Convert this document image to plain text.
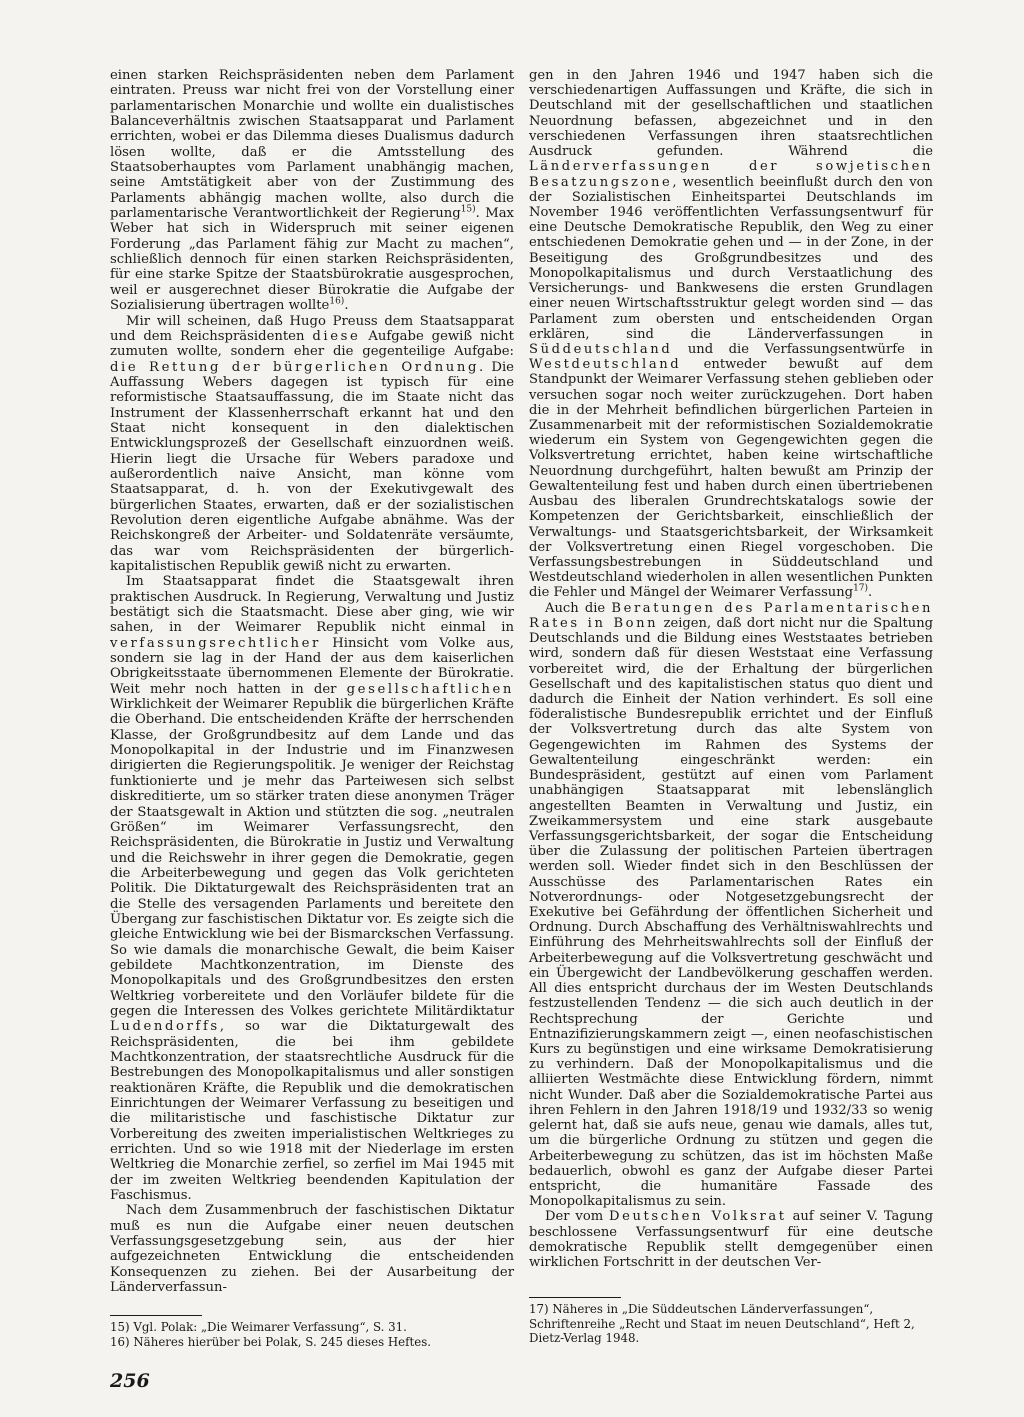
einen starken Reichspräsidenten neben dem Parlament eintraten. Preuss war nicht frei von der Vorstellung einer parlamentarischen Monarchie und wollte ein dualistisches Balanceverhältnis zwischen Staatsapparat und Parlament errichten, wobei er das Dilemma dieses Dualismus dadurch lösen wollte, daß er die Amtsstellung des Staatsoberhauptes vom Parlament unabhängig machen, seine Amtstätigkeit aber von der Zustimmung des Parlaments abhängig machen wollte, also durch die parlamentarische Verantwortlichkeit der Regierung$^{15)}$. Max Weber hat sich in Widerspruch mit seiner eigenen Forderung „das Parlament fähig zur Macht zu machen“, schließlich dennoch für einen starken Reichspräsidenten, für eine starke Spitze der Staatsbürokratie ausgesprochen, weil er ausgerechnet dieser Bürokratie die Aufgabe der Sozialisierung übertragen wollte$^{16)}$.

Mir will scheinen, daß Hugo Preuss dem Staatsapparat und dem Reichspräsidenten diese Aufgabe gewiß nicht zumuten wollte, sondern eher die gegenteilige Aufgabe: die Rettung der bürgerlichen Ordnung. Die Auffassung Webers dagegen ist typisch für eine reformistische Staatsauffassung, die im Staate nicht das Instrument der Klassenherrschaft erkannt hat und den Staat nicht konsequent in den dialektischen Entwicklungsprozeß der Gesellschaft einzuordnen weiß. Hierin liegt die Ursache für Webers paradoxe und außerordentlich naive Ansicht, man könne vom Staatsapparat, d. h. von der Exekutivgewalt des bürgerlichen Staates, erwarten, daß er der sozialistischen Revolution deren eigentliche Aufgabe abnähme. Was der Reichskongreß der Arbeiter- und Soldatenräte versäumte, das war vom Reichspräsidenten der bürgerlich-kapitalistischen Republik gewiß nicht zu erwarten.

Im Staatsapparat findet die Staatsgewalt ihren praktischen Ausdruck. In Regierung, Verwaltung und Justiz bestätigt sich die Staatsmacht. Diese aber ging, wie wir sahen, in der Weimarer Republik nicht einmal in verfassungsrechtlicher Hinsicht vom Volke aus, sondern sie lag in der Hand der aus dem kaiserlichen Obrigkeitsstaate übernommenen Elemente der Bürokratie. Weit mehr noch hatten in der gesellschaftlichen Wirklichkeit der Weimarer Republik die bürgerlichen Kräfte die Oberhand. Die entscheidenden Kräfte der herrschenden Klasse, der Großgrundbesitz auf dem Lande und das Monopolkapital in der Industrie und im Finanzwesen dirigierten die Regierungspolitik. Je weniger der Reichstag funktionierte und je mehr das Parteiwesen sich selbst diskreditierte, um so stärker traten diese anonymen Träger der Staatsgewalt in Aktion und stützten die sog. „neutralen Größen“ im Weimarer Verfassungsrecht, den Reichspräsidenten, die Bürokratie in Justiz und Verwaltung und die Reichswehr in ihrer gegen die Demokratie, gegen die Arbeiterbewegung und gegen das Volk gerichteten Politik. Die Diktaturgewalt des Reichspräsidenten trat an die Stelle des versagenden Parlaments und bereitete den Übergang zur faschistischen Diktatur vor. Es zeigte sich die gleiche Entwicklung wie bei der Bismarckschen Verfassung. So wie damals die monarchische Gewalt, die beim Kaiser gebildete Machtkonzentration, im Dienste des Monopolkapitals und des Großgrundbesitzes den ersten Weltkrieg vorbereitete und den Vorläufer bildete für die gegen die Interessen des Volkes gerichtete Militärdiktatur Ludendorffs, so war die Diktaturgewalt des Reichspräsidenten, die bei ihm gebildete Machtkonzentration, der staatsrechtliche Ausdruck für die Bestrebungen des Monopolkapitalismus und aller sonstigen reaktionären Kräfte, die Republik und die demokratischen Einrichtungen der Weimarer Verfassung zu beseitigen und die militaristische und faschistische Diktatur zur Vorbereitung des zweiten imperialistischen Weltkrieges zu errichten. Und so wie 1918 mit der Niederlage im ersten Weltkrieg die Monarchie zerfiel, so zerfiel im Mai 1945 mit der im zweiten Weltkrieg beendenden Kapitulation der Faschismus.

Nach dem Zusammenbruch der faschistischen Diktatur muß es nun die Aufgabe einer neuen deutschen Verfassungsgesetzgebung sein, aus der hier aufgezeichneten Entwicklung die entscheidenden Konsequenzen zu ziehen. Bei der Ausarbeitung der Länderverfassun-

15) Vgl. Polak: „Die Weimarer Verfassung“, S. 31.

16) Näheres hierüber bei Polak, S. 245 dieses Heftes.

gen in den Jahren 1946 und 1947 haben sich die verschiedenartigen Auffassungen und Kräfte, die sich in Deutschland mit der gesellschaftlichen und staatlichen Neuordnung befassen, abgezeichnet und in den verschiedenen Verfassungen ihren staatsrechtlichen Ausdruck gefunden. Während die Länderverfassungen der sowjetischen Besatzungszone, wesentlich beeinflußt durch den von der Sozialistischen Einheitspartei Deutschlands im November 1946 veröffentlichten Verfassungsentwurf für eine Deutsche Demokratische Republik, den Weg zu einer entschiedenen Demokratie gehen und — in der Zone, in der Beseitigung des Großgrundbesitzes und des Monopolkapitalismus und durch Verstaatlichung des Versicherungs- und Bankwesens die ersten Grundlagen einer neuen Wirtschaftsstruktur gelegt worden sind — das Parlament zum obersten und entscheidenden Organ erklären, sind die Länderverfassungen in Süddeutschland und die Verfassungsentwürfe in Westdeutschland entweder bewußt auf dem Standpunkt der Weimarer Verfassung stehen geblieben oder versuchen sogar noch weiter zurückzugehen. Dort haben die in der Mehrheit befindlichen bürgerlichen Parteien in Zusammenarbeit mit der reformistischen Sozialdemokratie wiederum ein System von Gegengewichten gegen die Volksvertretung errichtet, haben keine wirtschaftliche Neuordnung durchgeführt, halten bewußt am Prinzip der Gewaltenteilung fest und haben durch einen übertriebenen Ausbau des liberalen Grundrechtskatalogs sowie der Kompetenzen der Gerichtsbarkeit, einschließlich der Verwaltungs- und Staatsgerichtsbarkeit, der Wirksamkeit der Volksvertretung einen Riegel vorgeschoben. Die Verfassungsbestrebungen in Süddeutschland und Westdeutschland wiederholen in allen wesentlichen Punkten die Fehler und Mängel der Weimarer Verfassung$^{17)}$.

Auch die Beratungen des Parlamentarischen Rates in Bonn zeigen, daß dort nicht nur die Spaltung Deutschlands und die Bildung eines Weststaates betrieben wird, sondern daß für diesen Weststaat eine Verfassung vorbereitet wird, die der Erhaltung der bürgerlichen Gesellschaft und des kapitalistischen status quo dient und dadurch die Einheit der Nation verhindert. Es soll eine föderalistische Bundesrepublik errichtet und der Einfluß der Volksvertretung durch das alte System von Gegengewichten im Rahmen des Systems der Gewaltenteilung eingeschränkt werden: ein Bundespräsident, gestützt auf einen vom Parlament unabhängigen Staatsapparat mit lebenslänglich angestellten Beamten in Verwaltung und Justiz, ein Zweikammersystem und eine stark ausgebaute Verfassungsgerichtsbarkeit, der sogar die Entscheidung über die Zulassung der politischen Parteien übertragen werden soll. Wieder findet sich in den Beschlüssen der Ausschüsse des Parlamentarischen Rates ein Notverordnungs- oder Notgesetzgebungsrecht der Exekutive bei Gefährdung der öffentlichen Sicherheit und Ordnung. Durch Abschaffung des Verhältniswahlrechts und Einführung des Mehrheitswahlrechts soll der Einfluß der Arbeiterbewegung auf die Volksvertretung geschwächt und ein Übergewicht der Landbevölkerung geschaffen werden. All dies entspricht durchaus der im Westen Deutschlands festzustellenden Tendenz — die sich auch deutlich in der Rechtsprechung der Gerichte und Entnazifizierungskammern zeigt —, einen neofaschistischen Kurs zu begünstigen und eine wirksame Demokratisierung zu verhindern. Daß der Monopolkapitalismus und die alliierten Westmächte diese Entwicklung fördern, nimmt nicht Wunder. Daß aber die Sozialdemokratische Partei aus ihren Fehlern in den Jahren 1918/19 und 1932/33 so wenig gelernt hat, daß sie aufs neue, genau wie damals, alles tut, um die bürgerliche Ordnung zu stützen und gegen die Arbeiterbewegung zu schützen, das ist im höchsten Maße bedauerlich, obwohl es ganz der Aufgabe dieser Partei entspricht, die humanitäre Fassade des Monopolkapitalismus zu sein.

Der vom Deutschen Volksrat auf seiner V. Tagung beschlossene Verfassungsentwurf für eine deutsche demokratische Republik stellt demgegenüber einen wirklichen Fortschritt in der deutschen Ver-

17) Näheres in „Die Süddeutschen Länderverfassungen“, Schriftenreihe „Recht und Staat im neuen Deutschland“, Heft 2, Dietz-Verlag 1948.

256
